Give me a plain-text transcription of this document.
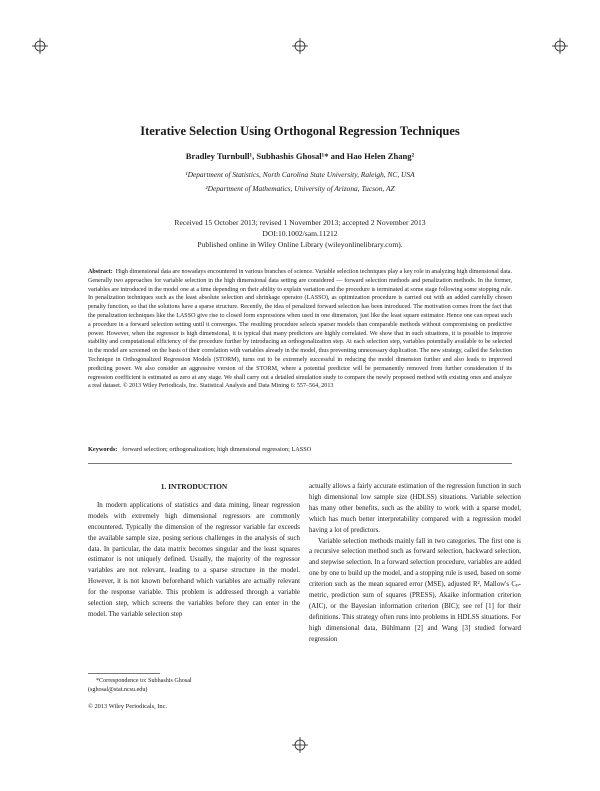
Iterative Selection Using Orthogonal Regression Techniques
Bradley Turnbull¹, Subhashis Ghosal¹* and Hao Helen Zhang²
¹Department of Statistics, North Carolina State University, Raleigh, NC, USA
²Department of Mathematics, University of Arizona, Tucson, AZ
Received 15 October 2013; revised 1 November 2013; accepted 2 November 2013
DOI:10.1002/sam.11212
Published online in Wiley Online Library (wileyonlinelibrary.com).
Abstract: High dimensional data are nowadays encountered in various branches of science. Variable selection techniques play a key role in analyzing high dimensional data. Generally two approaches for variable selection in the high dimensional data setting are considered — forward selection methods and penalization methods. In the former, variables are introduced in the model one at a time depending on their ability to explain variation and the procedure is terminated at some stage following some stopping rule. In penalization techniques such as the least absolute selection and shrinkage operator (LASSO), as optimization procedure is carried out with an added carefully chosen penalty function, so that the solutions have a sparse structure. Recently, the idea of penalized forward selection has been introduced. The motivation comes from the fact that the penalization techniques like the LASSO give rise to closed form expressions when used in one dimension, just like the least square estimator. Hence one can repeat such a procedure in a forward selection setting until it converges. The resulting procedure selects sparser models than comparable methods without compromising on predictive power. However, when the regressor is high dimensional, it is typical that many predictors are highly correlated. We show that in such situations, it is possible to improve stability and computational efficiency of the procedure further by introducing an orthogonalization step. At each selection step, variables potentially available to be selected in the model are screened on the basis of their correlation with variables already in the model, thus preventing unnecessary duplication. The new strategy, called the Selection Technique in Orthogonalized Regression Models (STORM), turns out to be extremely successful in reducing the model dimension further and also leads to improved predicting power. We also consider an aggressive version of the STORM, where a potential predictor will be permanently removed from further consideration if its regression coefficient is estimated as zero at any stage. We shall carry out a detailed simulation study to compare the newly proposed method with existing ones and analyze a real dataset. © 2013 Wiley Periodicals, Inc. Statistical Analysis and Data Mining 6: 557–564, 2013
Keywords: forward selection; orthogonalization; high dimensional regression; LASSO
1. INTRODUCTION

In modern applications of statistics and data mining, linear regression models with extremely high dimensional regressors are commonly encountered. Typically the dimension of the regressor variable far exceeds the available sample size, posing serious challenges in the analysis of such data. In particular, the data matrix becomes singular and the least squares estimator is not uniquely defined. Usually, the majority of the regressor variables are not relevant, leading to a sparse structure in the model. However, it is not known beforehand which variables are actually relevant for the response variable. This problem is addressed through a variable selection step, which screens the variables before they can enter in the model. The variable selection step

actually allows a fairly accurate estimation of the regression function in such high dimensional low sample size (HDLSS) situations. Variable selection has many other benefits, such as the ability to work with a sparse model, which has much better interpretability compared with a regression model having a lot of predictors.

Variable selection methods mainly fall in two categories. The first one is a recursive selection method such as forward selection, backward selection, and stepwise selection. In a forward selection procedure, variables are added one by one to build up the model, and a stopping rule is used, based on some criterion such as the mean squared error (MSE), adjusted R², Mallow's Cₚ-metric, prediction sum of squares (PRESS), Akaike information criterion (AIC), or the Bayesian information criterion (BIC); see ref [1] for their definitions. This strategy often runs into problems in HDLSS situations. For high dimensional data, Bühlmann [2] and Wang [3] studied forward regression

*Correspondence to: Subhashis Ghosal
(sghosal@stat.ncsu.edu)
© 2013 Wiley Periodicals, Inc.
